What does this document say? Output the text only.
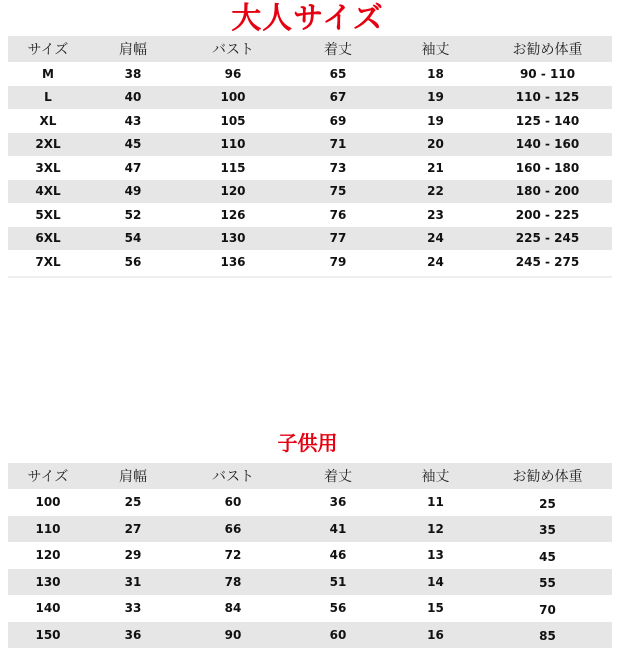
大人サイズ
サイズ	肩幅	バスト	着丈	袖丈	お勧め体重
M	38	96	65	18	90 - 110
L	40	100	67	19	110 - 125
XL	43	105	69	19	125 - 140
2XL	45	110	71	20	140 - 160
3XL	47	115	73	21	160 - 180
4XL	49	120	75	22	180 - 200
5XL	52	126	76	23	200 - 225
6XL	54	130	77	24	225 - 245
7XL	56	136	79	24	245 - 275
子供用
サイズ	肩幅	バスト	着丈	袖丈	お勧め体重
100	25	60	36	11	25
110	27	66	41	12	35
120	29	72	46	13	45
130	31	78	51	14	55
140	33	84	56	15	70
150	36	90	60	16	85
